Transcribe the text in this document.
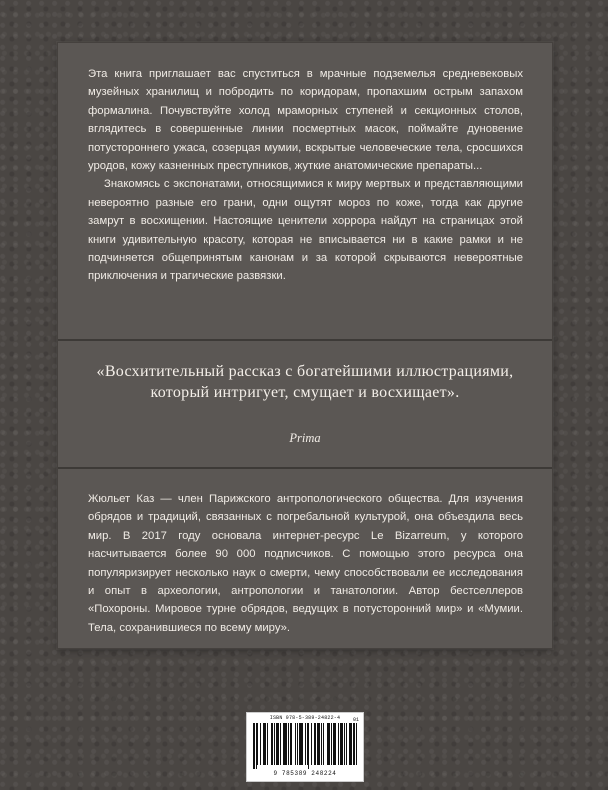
Эта книга приглашает вас спуститься в мрачные подземелья средневековых музейных хранилищ и побродить по коридорам, пропахшим острым запахом формалина. Почувствуйте холод мраморных ступеней и секционных столов, вглядитесь в совершенные линии посмертных масок, поймайте дуновение потустороннего ужаса, созерцая мумии, вскрытые человеческие тела, сросшихся уродов, кожу казненных преступников, жуткие анатомические препараты...

Знакомясь с экспонатами, относящимися к миру мертвых и представляющими невероятно разные его грани, одни ощутят мороз по коже, тогда как другие замрут в восхищении. Настоящие ценители хоррора найдут на страницах этой книги удивительную красоту, которая не вписывается ни в какие рамки и не подчиняется общепринятым канонам и за которой скрываются невероятные приключения и трагические развязки.

«Восхитительный рассказ с богатейшими иллюстрациями, который интригует, смущает и восхищает».
Prima

Жюльет Каз — член Парижского антропологического общества. Для изучения обрядов и традиций, связанных с погребальной культурой, она объездила весь мир. В 2017 году основала интернет-ресурс Le Bizarreum, у которого насчитывается более 90 000 подписчиков. С помощью этого ресурса она популяризирует несколько наук о смерти, чему способствовали ее исследования и опыт в археологии, антропологии и танатологии. Автор бестселлеров «Похороны. Мировое турне обрядов, ведущих в потусторонний мир» и «Мумии. Тела, сохранившиеся по всему миру».

ISBN 978-5-389-24822-4	01
9 785389 248224
